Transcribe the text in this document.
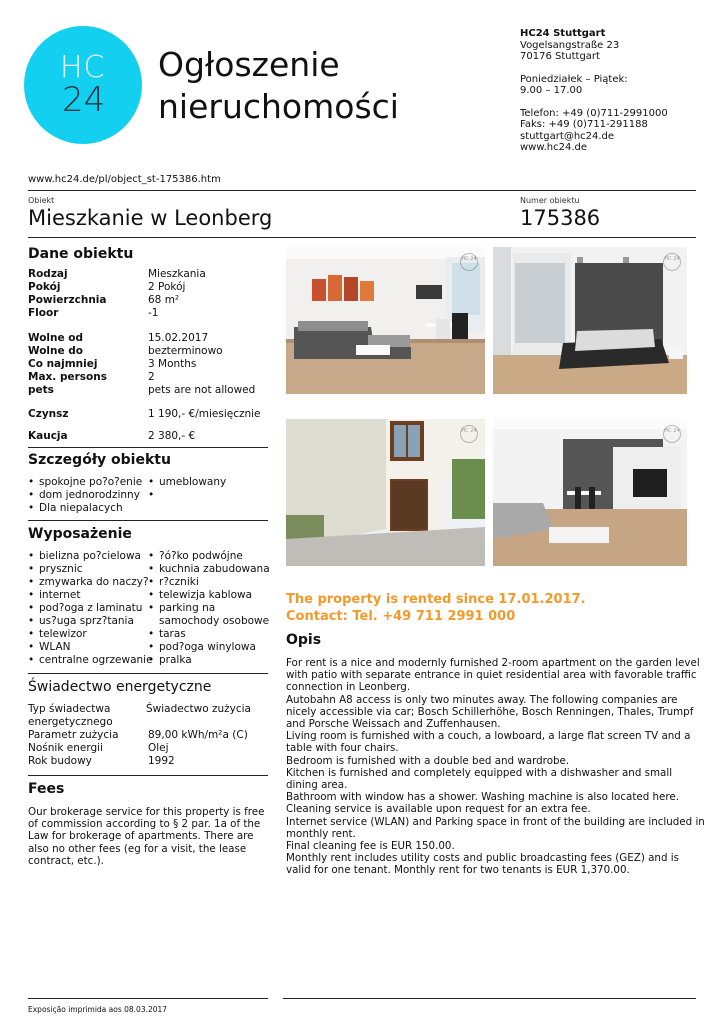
HC
24
Ogłoszenie
nieruchomości
HC24 Stuttgart
Vogelsangstraße 23
70176 Stuttgart
Poniedziałek – Piątek:
9.00 – 17.00
Telefon: +49 (0)711-2991000
Faks: +49 (0)711-291188
stuttgart@hc24.de
www.hc24.de
www.hc24.de/pl/object_st-175386.htm
Obiekt
Mieszkanie w Leonberg
Numer obiektu
175386
Dane obiektu
Rodzaj	Mieszkania
Pokój	2 Pokój
Powierzchnia	68 m²
Floor	-1
Wolne od	15.02.2017
Wolne do	bezterminowo
Co najmniej	3 Months
Max. persons	2
pets	pets are not allowed
Czynsz	1 190,- €/miesięcznie
Kaucja	2 380,- €
Szczegóły obiektu
• spokojne po?o?enie
• dom jednorodzinny
• Dla niepalacych
• umeblowany
•
Wyposażenie
• bielizna po?cielowa
• prysznic
• zmywarka do naczy?
• internet
• pod?oga z laminatu
• us?uga sprz?tania
• telewizor
• WLAN
• centralne ogrzewanie
• ?ó?ko podwójne
• kuchnia zabudowana
• r?czniki
• telewizja kablowa
• parking na samochody osobowe
• taras
• pod?oga winylowa
• pralka
Świadectwo energetyczne
Typ świadectwa energetycznego
Świadectwo zużycia
Parametr zużycia	89,00 kWh/m²a (C)
Nośnik energii	Olej
Rok budowy	1992
Fees
Our brokerage service for this property is free of commission according to § 2 par. 1a of the Law for brokerage of apartments. There are also no other fees (eg for a visit, the lease contract, etc.).
HC 24	HC 24
HC 24	HC 24
The property is rented since 17.01.2017.
Contact: Tel. +49 711 2991 000
Opis
For rent is a nice and modernly furnished 2-room apartment on the garden level with patio with separate entrance in quiet residential area with favorable traffic connection in Leonberg.
Autobahn A8 access is only two minutes away. The following companies are nicely accessible via car; Bosch Schillerhöhe, Bosch Renningen, Thales, Trumpf and Porsche Weissach and Zuffenhausen.
Living room is furnished with a couch, a lowboard, a large flat screen TV and a table with four chairs.
Bedroom is furnished with a double bed and wardrobe.
Kitchen is furnished and completely equipped with a dishwasher and small dining area.
Bathroom with window has a shower. Washing machine is also located here.
Cleaning service is available upon request for an extra fee.
Internet service (WLAN) and Parking space in front of the building are included in monthly rent.
Final cleaning fee is EUR 150.00.
Monthly rent includes utility costs and public broadcasting fees (GEZ) and is valid for one tenant. Monthly rent for two tenants is EUR 1,370.00.
Exposição imprimida aos 08.03.2017
